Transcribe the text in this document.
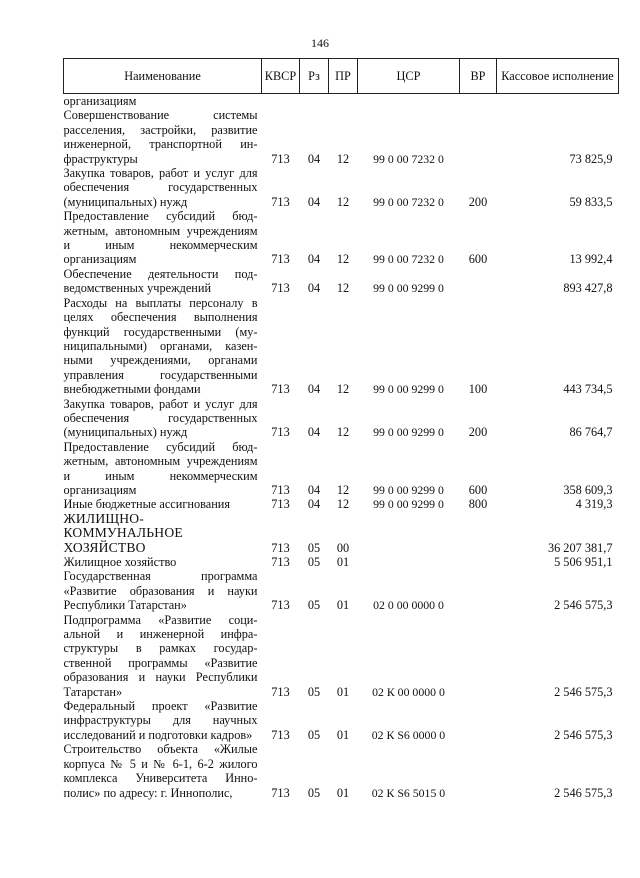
146
Наименование	КВСР	Рз	ПР	ЦСР	ВР	Кассовое исполнение
организациям						
Совершенствование системы расселения, застройки, развитие инженерной, транспортной инфраструктуры	713	04	12	99 0 00 7232 0		73 825,9
Закупка товаров, работ и услуг для обеспечения государственных (муниципальных) нужд	713	04	12	99 0 00 7232 0	200	59 833,5
Предоставление субсидий бюджетным, автономным учреждениям и иным некоммерческим организациям	713	04	12	99 0 00 7232 0	600	13 992,4
Обеспечение деятельности подведомственных учреждений	713	04	12	99 0 00 9299 0		893 427,8
Расходы на выплаты персоналу в целях обеспечения выполнения функций государственными (муниципальными) органами, казенными учреждениями, органами управления государственными внебюджетными фондами	713	04	12	99 0 00 9299 0	100	443 734,5
Закупка товаров, работ и услуг для обеспечения государственных (муниципальных) нужд	713	04	12	99 0 00 9299 0	200	86 764,7
Предоставление субсидий бюджетным, автономным учреждениям и иным некоммерческим организациям	713	04	12	99 0 00 9299 0	600	358 609,3
Иные бюджетные ассигнования	713	04	12	99 0 00 9299 0	800	4 319,3
ЖИЛИЩНО-КОММУНАЛЬНОЕ ХОЗЯЙСТВО	713	05	00			36 207 381,7
Жилищное хозяйство	713	05	01			5 506 951,1
Государственная программа «Развитие образования и науки Республики Татарстан»	713	05	01	02 0 00 0000 0		2 546 575,3
Подпрограмма «Развитие социальной и инженерной инфраструктуры в рамках государственной программы «Развитие образования и науки Республики Татарстан»	713	05	01	02 К 00 0000 0		2 546 575,3
Федеральный проект «Развитие инфраструктуры для научных исследований и подготовки кадров»	713	05	01	02 К S6 0000 0		2 546 575,3
Строительство объекта «Жилые корпуса № 5 и № 6-1, 6-2 жилого комплекса Университета Иннополис» по адресу: г. Иннополис,	713	05	01	02 К S6 5015 0		2 546 575,3
